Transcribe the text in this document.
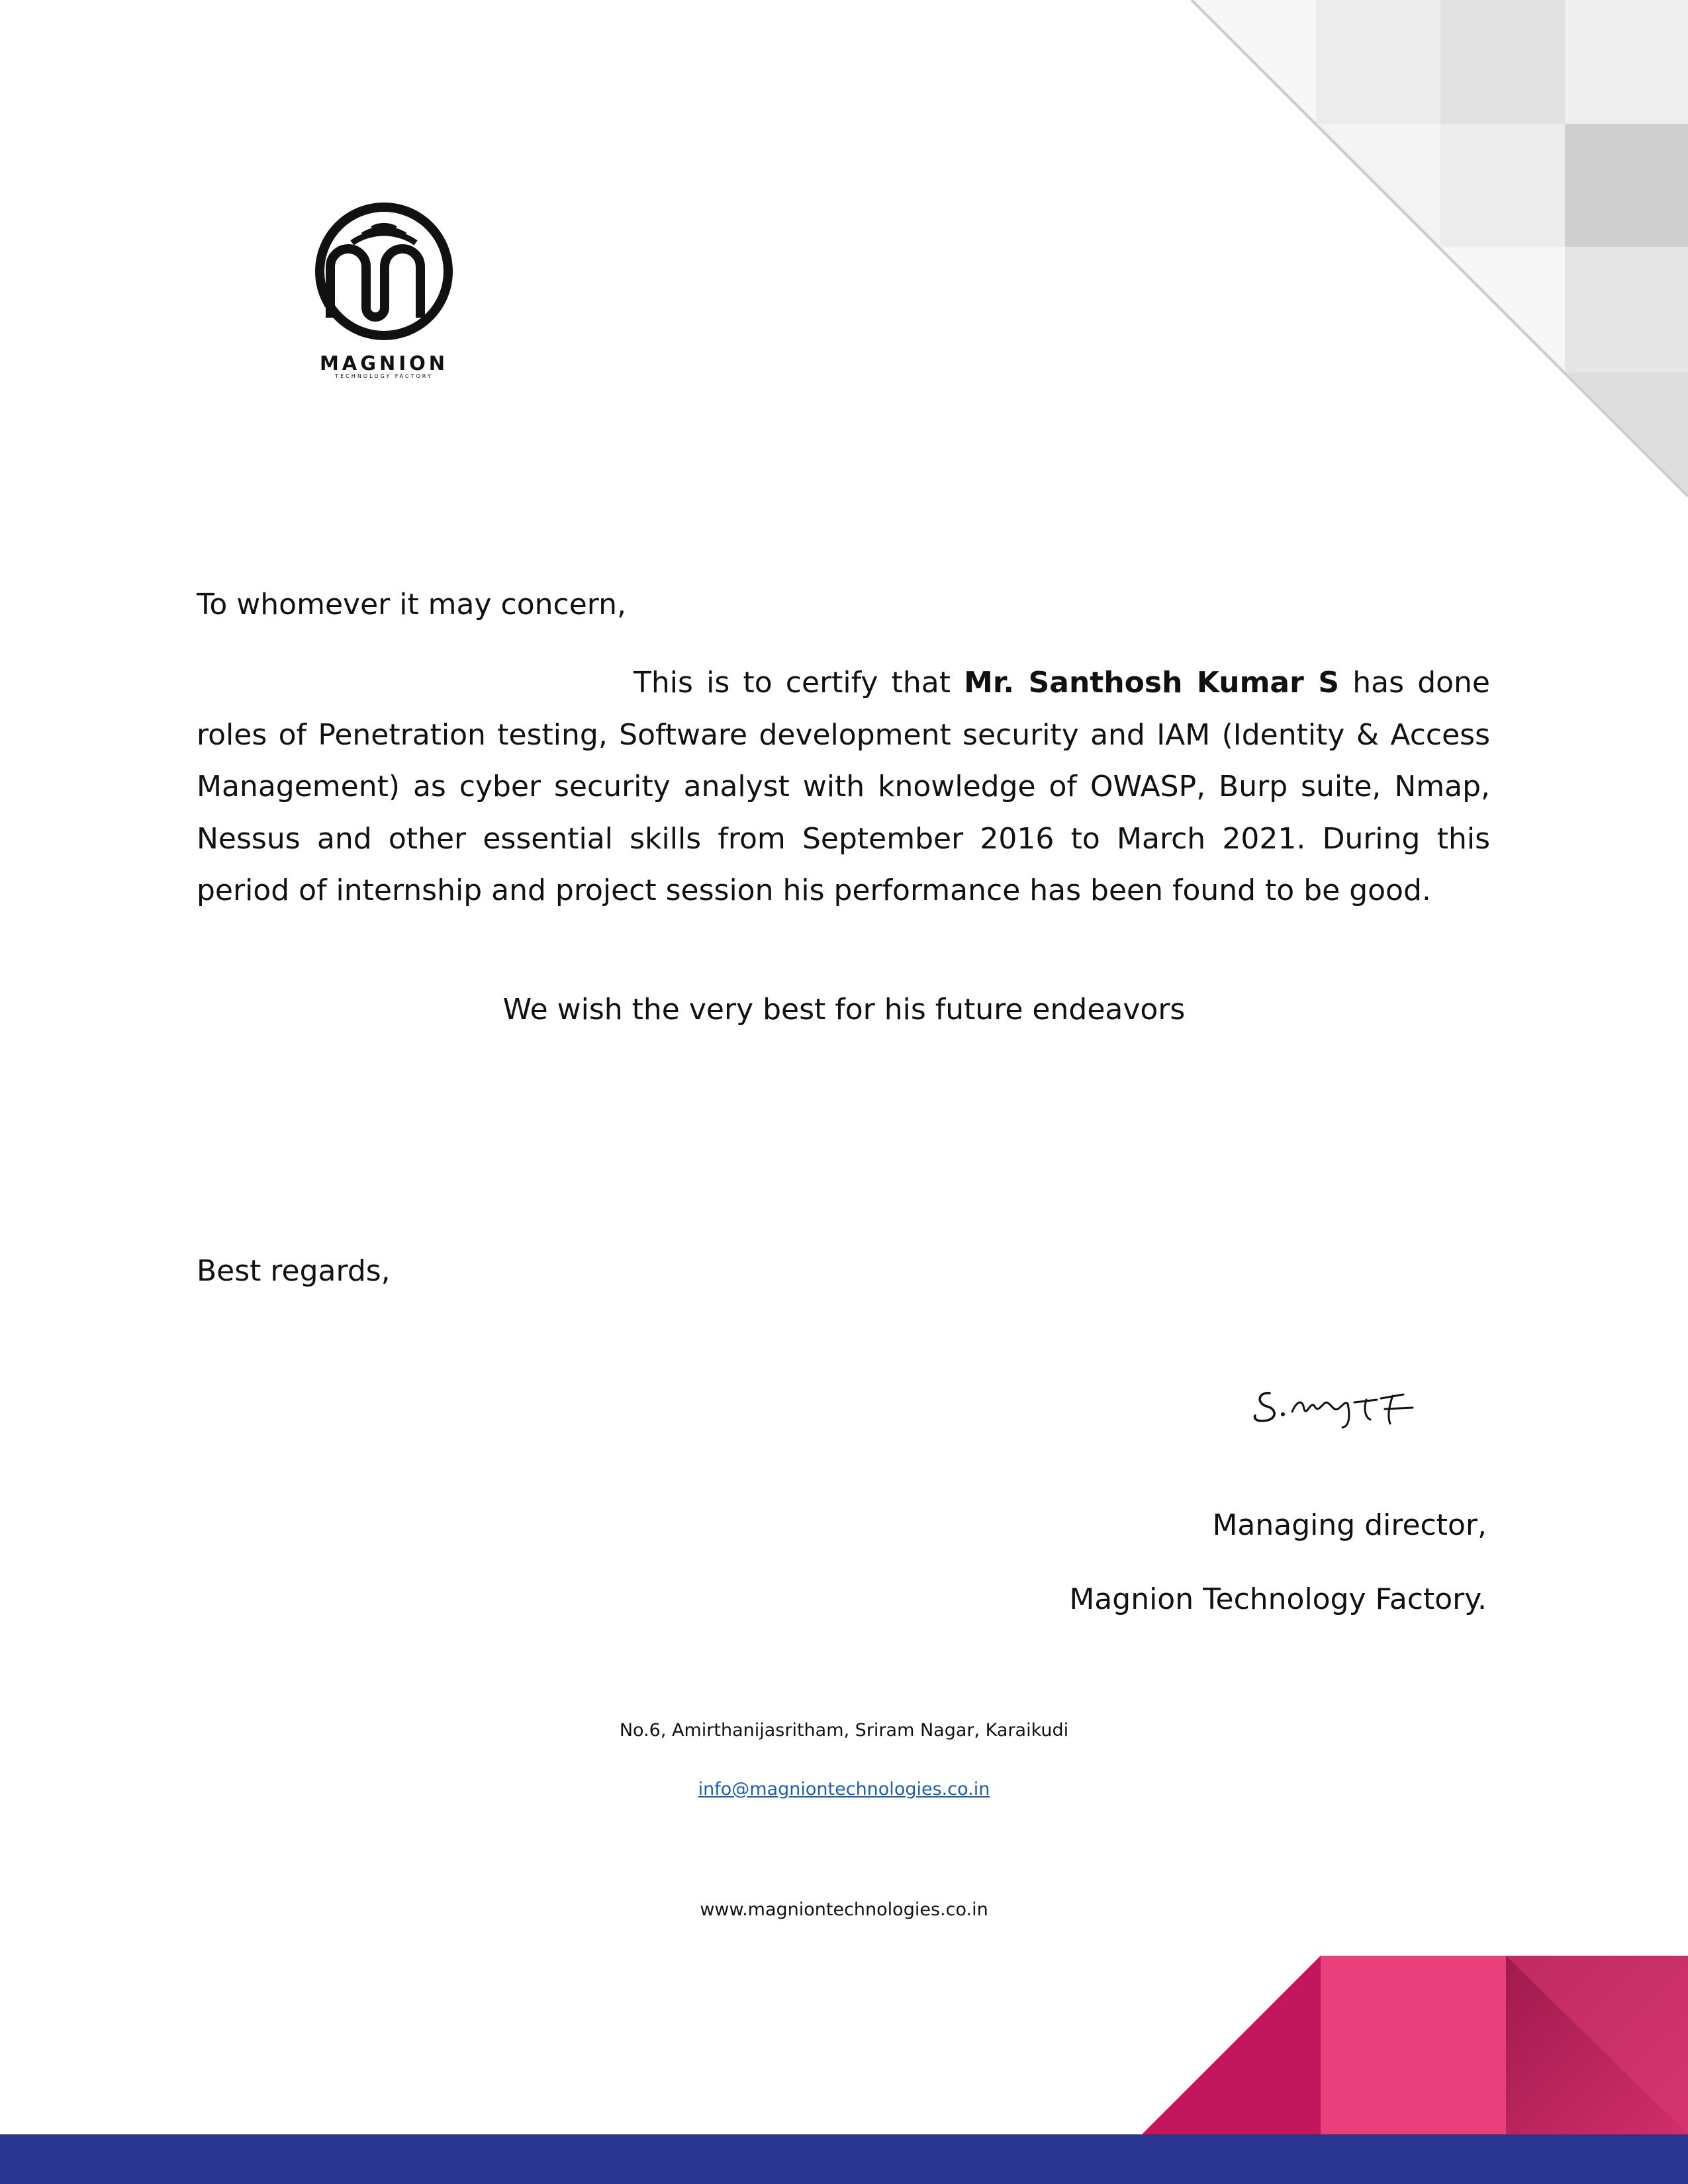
MAGNION
TECHNOLOGY FACTORY
To whomever it may concern,
This is to certify that Mr. Santhosh Kumar S has done roles of Penetration testing, Software development security and IAM (Identity & Access Management) as cyber security analyst with knowledge of OWASP, Burp suite, Nmap, Nessus and other essential skills from September 2016 to March 2021. During this period of internship and project session his performance has been found to be good.
We wish the very best for his future endeavors
Best regards,
Managing director,
Magnion Technology Factory.
No.6, Amirthanijasritham, Sriram Nagar, Karaikudi
info@magniontechnologies.co.in
www.magniontechnologies.co.in
